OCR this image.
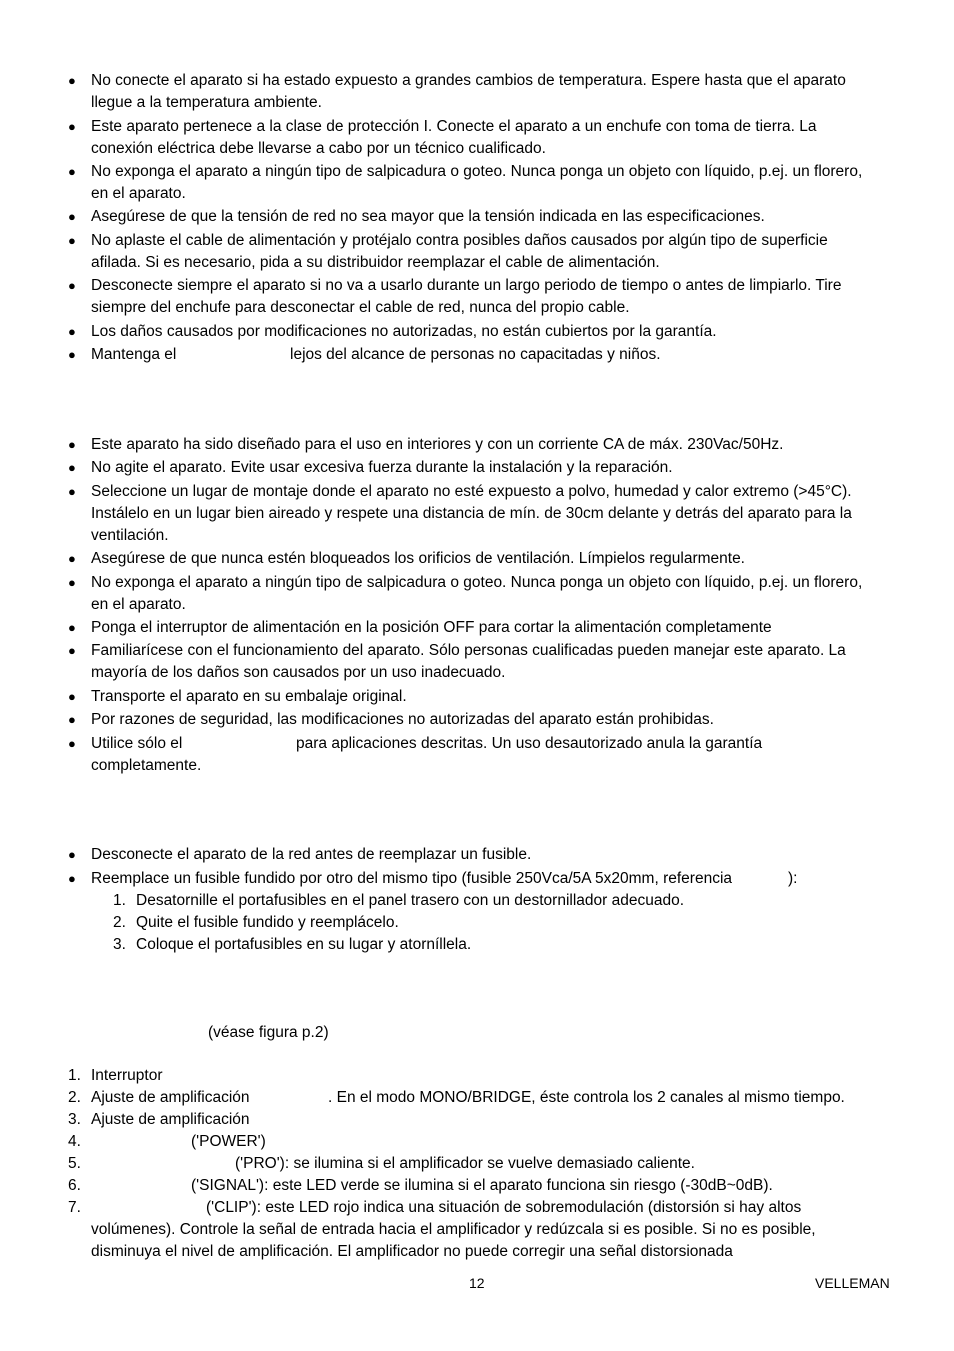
● No conecte el aparato si ha estado expuesto a grandes cambios de temperatura. Espere hasta que el aparato
llegue a la temperatura ambiente.
● Este aparato pertenece a la clase de protección I. Conecte el aparato a un enchufe con toma de tierra. La
conexión eléctrica debe llevarse a cabo por un técnico cualificado.
● No exponga el aparato a ningún tipo de salpicadura o goteo. Nunca ponga un objeto con líquido, p.ej. un florero,
en el aparato.
● Asegúrese de que la tensión de red no sea mayor que la tensión indicada en las especificaciones.
● No aplaste el cable de alimentación y protéjalo contra posibles daños causados por algún tipo de superficie
afilada. Si es necesario, pida a su distribuidor reemplazar el cable de alimentación.
● Desconecte siempre el aparato si no va a usarlo durante un largo periodo de tiempo o antes de limpiarlo. Tire
siempre del enchufe para desconectar el cable de red, nunca del propio cable.
● Los daños causados por modificaciones no autorizadas, no están cubiertos por la garantía.
● Mantenga el	lejos del alcance de personas no capacitadas y niños.
● Este aparato ha sido diseñado para el uso en interiores y con un corriente CA de máx. 230Vac/50Hz.
● No agite el aparato. Evite usar excesiva fuerza durante la instalación y la reparación.
● Seleccione un lugar de montaje donde el aparato no esté expuesto a polvo, humedad y calor extremo (>45°C).
Instálelo en un lugar bien aireado y respete una distancia de mín. de 30cm delante y detrás del aparato para la
ventilación.
● Asegúrese de que nunca estén bloqueados los orificios de ventilación. Límpielos regularmente.
● No exponga el aparato a ningún tipo de salpicadura o goteo. Nunca ponga un objeto con líquido, p.ej. un florero,
en el aparato.
● Ponga el interruptor de alimentación en la posición OFF para cortar la alimentación completamente
● Familiarícese con el funcionamiento del aparato. Sólo personas cualificadas pueden manejar este aparato. La
mayoría de los daños son causados por un uso inadecuado.
● Transporte el aparato en su embalaje original.
● Por razones de seguridad, las modificaciones no autorizadas del aparato están prohibidas.
● Utilice sólo el	para aplicaciones descritas. Un uso desautorizado anula la garantía
completamente.
● Desconecte el aparato de la red antes de reemplazar un fusible.
● Reemplace un fusible fundido por otro del mismo tipo (fusible 250Vca/5A 5x20mm, referencia	):
1. Desatornille el portafusibles en el panel trasero con un destornillador adecuado.
2. Quite el fusible fundido y reemplácelo.
3. Coloque el portafusibles en su lugar y atorníllela.
(véase figura p.2)
1. Interruptor
2. Ajuste de amplificación	. En el modo MONO/BRIDGE, éste controla los 2 canales al mismo tiempo.
3. Ajuste de amplificación
4.	('POWER')
5.	('PRO'): se ilumina si el amplificador se vuelve demasiado caliente.
6.	('SIGNAL'): este LED verde se ilumina si el aparato funciona sin riesgo (-30dB~0dB).
7.	('CLIP'): este LED rojo indica una situación de sobremodulación (distorsión si hay altos
volúmenes). Controle la señal de entrada hacia el amplificador y redúzcala si es posible. Si no es posible,
disminuya el nivel de amplificación. El amplificador no puede corregir una señal distorsionada
12	VELLEMAN
